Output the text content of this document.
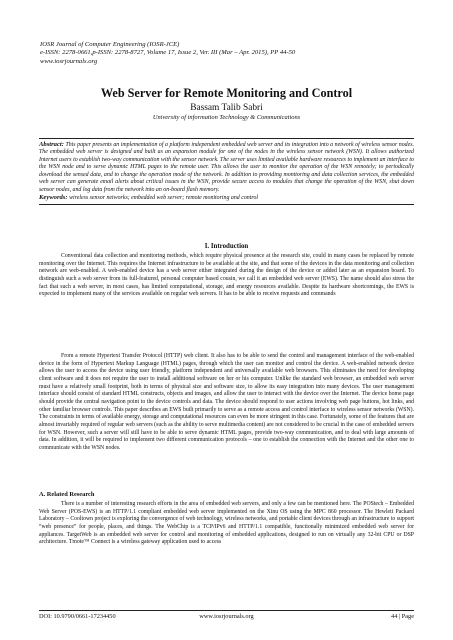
IOSR Journal of Computer Engineering (IOSR-JCE)
e-ISSN: 2278-0661,p-ISSN: 2278-8727, Volume 17, Issue 2, Ver. III (Mar – Apr. 2015), PP 44-50
www.iosrjournals.org
Web Server for Remote Monitoring and Control
Bassam Talib Sabri
University of information Technology & Communications

Abstract: This paper presents an implementation of a platform independent embedded web server and its integration into a network of wireless sensor nodes. The embedded web server is designed and built as an expansion module for one of the nodes in the wireless sensor network (WSN). It allows authorized Internet users to establish two-way communication with the sensor network. The server uses limited available hardware resources to implement an interface to the WSN node and to serve dynamic HTML pages to the remote user. This allows the user to monitor the operation of the WSN remotely; to periodically download the sensed data, and to change the operation mode of the network. In addition to providing monitoring and data collection services, the embedded web server can generate email alerts about critical issues in the WSN, provide secure access to modules that change the operation of the WSN, shut down sensor nodes, and log data from the network into an on-board flash memory.

Keywords: wireless sensor networks; embedded web server; remote monitoring and control

I. Introduction

Conventional data collection and monitoring methods, which require physical presence at the research site, could in many cases be replaced by remote monitoring over the Internet. This requires the Internet infrastructure to be available at the site, and that some of the devices in the data monitoring and collection network are web-enabled. A web-enabled device has a web server either integrated during the design of the device or added later as an expansion board. To distinguish such a web server from its full-featured, personal computer based cousin, we call it an embedded web server (EWS). The name should also stress the fact that such a web server, in most cases, has limited computational, storage, and energy resources available. Despite its hardware shortcomings, the EWS is expected to implement many of the services available on regular web servers. It has to be able to receive requests and commands

From a remote Hypertext Transfer Protocol (HTTP) web client. It also has to be able to send the control and management interface of the web-enabled device in the form of Hypertext Markup Language (HTML) pages, through which the user can monitor and control the device. A web-enabled network device allows the user to access the device using user friendly, platform independent and universally available web browsers. This eliminates the need for developing client software and it does not require the user to install additional software on her or his computer. Unlike the standard web browser, an embedded web server must have a relatively small footprint, both in terms of physical size and software size, to allow its easy integration into many devices. The user management interface should consist of standard HTML constructs, objects and images, and allow the user to interact with the device over the Internet. The device home page should provide the central navigation point to the device controls and data. The device should respond to user actions involving web page buttons, hot links, and other familiar browser controls. This paper describes an EWS built primarily to serve as a remote access and control interface to wireless sensor networks (WSN). The constraints in terms of available energy, storage and computational resources can even be more stringent in this case. Fortunately, some of the features that are almost invariably required of regular web servers (such as the ability to serve multimedia content) are not considered to be crucial in the case of embedded servers for WSN. However, such a server will still have to be able to serve dynamic HTML pages, provide two-way communication, and to deal with large amounts of data. In addition, it will be required to implement two different communication protocols – one to establish the connection with the Internet and the other one to communicate with the WSN nodes.

A. Related Research

There is a number of interesting research efforts in the area of embedded web servers, and only a few can be mentioned here. The POStech – Embedded Web Server (POS-EWS) is an HTTP/1.1 compliant embedded web server implemented on the Xinu OS using the MPC 860 processor. The Hewlett Packard Laboratory – Cooltown project is exploring the convergence of web technology, wireless networks, and portable client devices through an infrastructure to support “web presence” for people, places, and things. The WebChip is a TCP/IPv6 and HTTP/1.1 compatible, functionally minimized embedded web server for appliances. TargetWeb is an embedded web server for control and monitoring of embedded applications, designed to run on virtually any 32-bit CPU or DSP architecture. Tmote™ Connect is a wireless gateway application used to access

DOI: 10.9790/0661-17234450	www.iosrjournals.org	44 | Page
